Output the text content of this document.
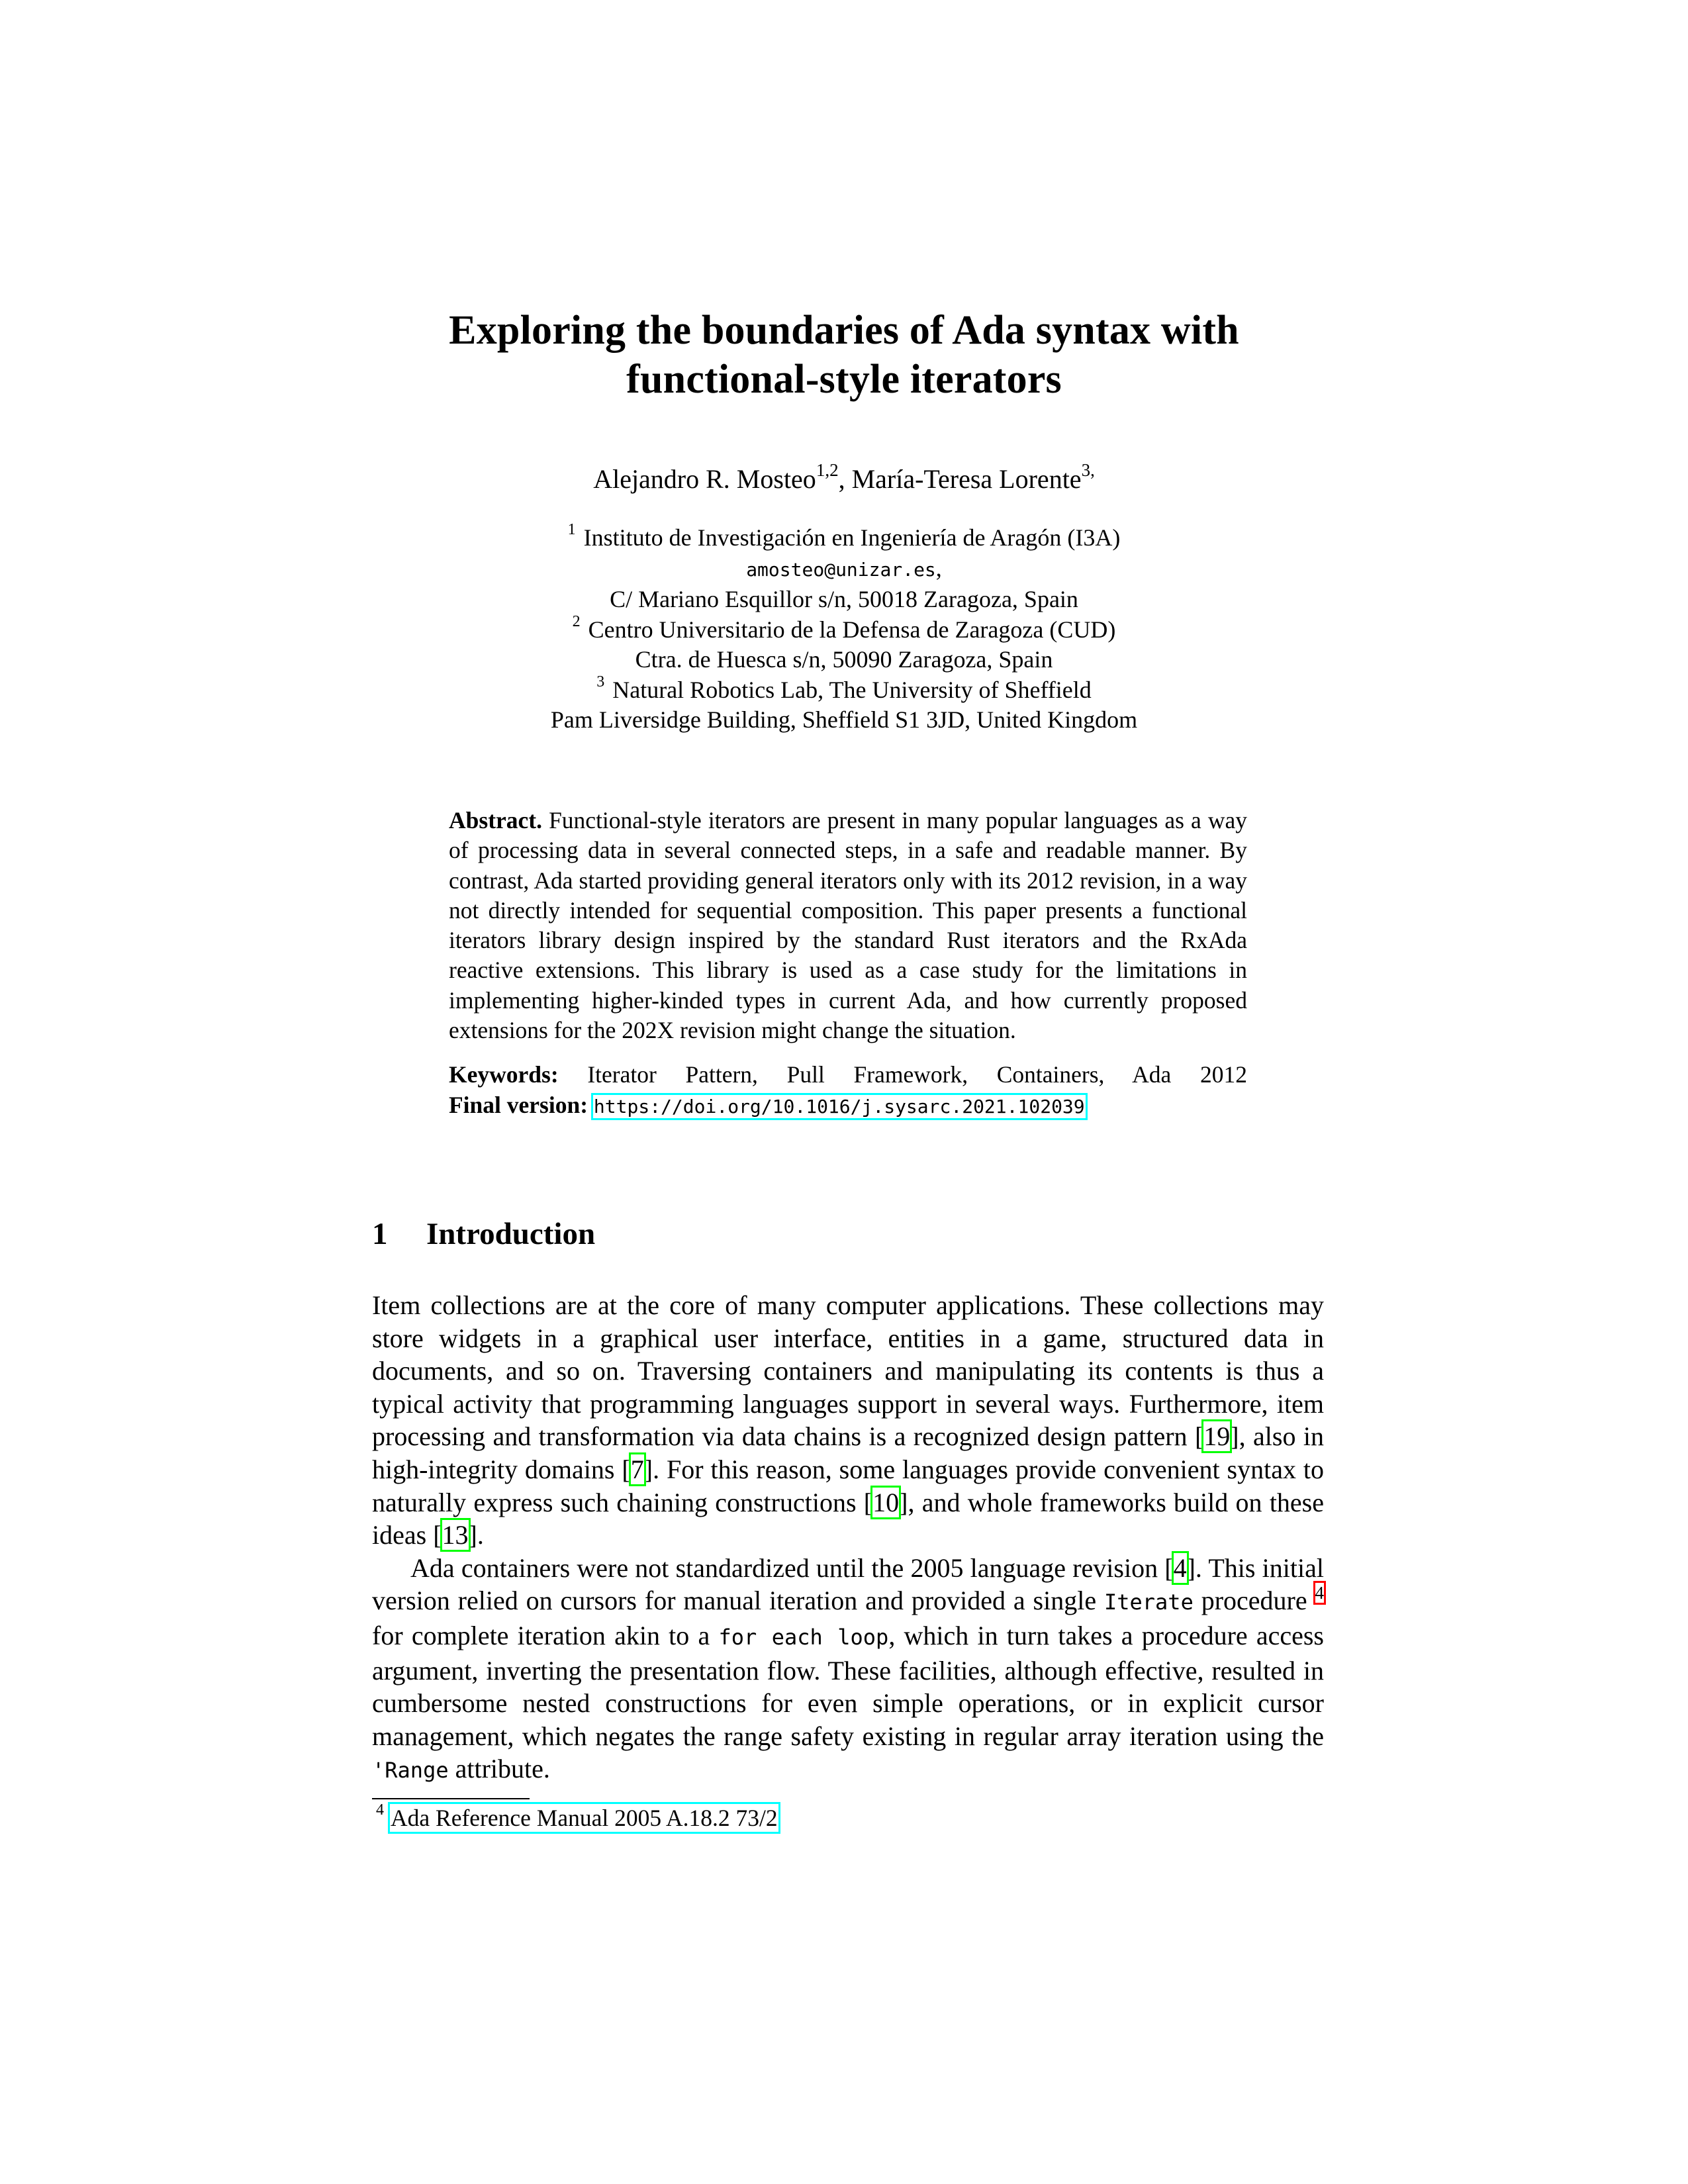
Exploring the boundaries of Ada syntax with
functional-style iterators
Alejandro R. Mosteo$^{1,2}$, María-Teresa Lorente$^{3,}$
$^1$ Instituto de Investigación en Ingeniería de Aragón (I3A)
amosteo@unizar.es,
C/ Mariano Esquillor s/n, 50018 Zaragoza, Spain
$^2$ Centro Universitario de la Defensa de Zaragoza (CUD)
Ctra. de Huesca s/n, 50090 Zaragoza, Spain
$^3$ Natural Robotics Lab, The University of Sheffield
Pam Liversidge Building, Sheffield S1 3JD, United Kingdom

Abstract. Functional-style iterators are present in many popular languages as a way of processing data in several connected steps, in a safe and readable manner. By contrast, Ada started providing general iterators only with its 2012 revision, in a way not directly intended for sequential composition. This paper presents a functional iterators library design inspired by the standard Rust iterators and the RxAda reactive extensions. This library is used as a case study for the limitations in implementing higher-kinded types in current Ada, and how currently proposed extensions for the 202X revision might change the situation.

Keywords: Iterator Pattern, Pull Framework, Containers, Ada 2012

Final version: https://doi.org/10.1016/j.sysarc.2021.102039

1 Introduction

Item collections are at the core of many computer applications. These collections may store widgets in a graphical user interface, entities in a game, structured data in documents, and so on. Traversing containers and manipulating its contents is thus a typical activity that programming languages support in several ways. Furthermore, item processing and transformation via data chains is a recognized design pattern [19], also in high-integrity domains [7]. For this reason, some languages provide convenient syntax to naturally express such chaining constructions [10], and whole frameworks build on these ideas [13].

Ada containers were not standardized until the 2005 language revision [4]. This initial version relied on cursors for manual iteration and provided a single Iterate procedure $^4$ for complete iteration akin to a for each loop, which in turn takes a procedure access argument, inverting the presentation flow. These facilities, although effective, resulted in cumbersome nested constructions for even simple operations, or in explicit cursor management, which negates the range safety existing in regular array iteration using the 'Range attribute.

$^4$ Ada Reference Manual 2005 A.18.2 73/2
